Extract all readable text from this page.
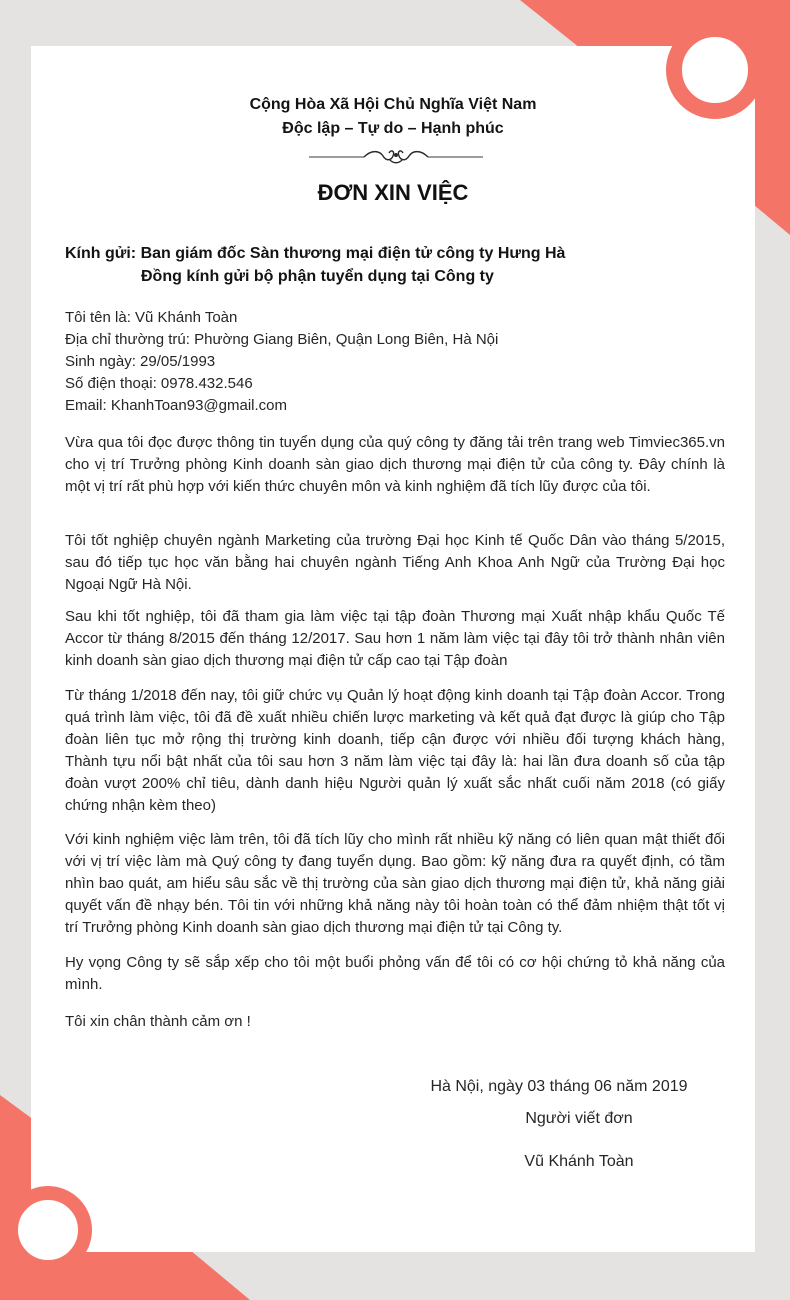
Cộng Hòa Xã Hội Chủ Nghĩa Việt Nam
Độc lập – Tự do – Hạnh phúc
ĐƠN XIN VIỆC
Kính gửi: Ban giám đốc Sàn thương mại điện tử công ty Hưng Hà
Đồng kính gửi bộ phận tuyển dụng tại Công ty
Tôi tên là: Vũ Khánh Toàn
Địa chỉ thường trú: Phường Giang Biên, Quận Long Biên, Hà Nội
Sinh ngày: 29/05/1993
Số điện thoại: 0978.432.546
Email: KhanhToan93@gmail.com

Vừa qua tôi đọc được thông tin tuyển dụng của quý công ty đăng tải trên trang web Timviec365.vn cho vị trí Trưởng phòng Kinh doanh sàn giao dịch thương mại điện tử của công ty. Đây chính là một vị trí rất phù hợp với kiến thức chuyên môn và kinh nghiệm đã tích lũy được của tôi.

Tôi tốt nghiệp chuyên ngành Marketing của trường Đại học Kinh tế Quốc Dân vào tháng 5/2015, sau đó tiếp tục học văn bằng hai chuyên ngành Tiếng Anh Khoa Anh Ngữ của Trường Đại học Ngoại Ngữ Hà Nội.

Sau khi tốt nghiệp, tôi đã tham gia làm việc tại tập đoàn Thương mại Xuất nhập khẩu Quốc Tế Accor từ tháng 8/2015 đến tháng 12/2017. Sau hơn 1 năm làm việc tại đây tôi trở thành nhân viên kinh doanh sàn giao dịch thương mại điện tử cấp cao tại Tập đoàn

Từ tháng 1/2018 đến nay, tôi giữ chức vụ Quản lý hoạt động kinh doanh tại Tập đoàn Accor. Trong quá trình làm việc, tôi đã đề xuất nhiều chiến lược marketing và kết quả đạt được là giúp cho Tập đoàn liên tục mở rộng thị trường kinh doanh, tiếp cận được với nhiều đối tượng khách hàng, Thành tựu nổi bật nhất của tôi sau hơn 3 năm làm việc tại đây là: hai lần đưa doanh số của tập đoàn vượt 200% chỉ tiêu, dành danh hiệu Người quản lý xuất sắc nhất cuối năm 2018 (có giấy chứng nhận kèm theo)

Với kinh nghiệm việc làm trên, tôi đã tích lũy cho mình rất nhiều kỹ năng có liên quan mật thiết đối với vị trí việc làm mà Quý công ty đang tuyển dụng. Bao gồm: kỹ năng đưa ra quyết định, có tầm nhìn bao quát, am hiểu sâu sắc về thị trường của sàn giao dịch thương mại điện tử, khả năng giải quyết vấn đề nhạy bén. Tôi tin với những khả năng này tôi hoàn toàn có thể đảm nhiệm thật tốt vị trí Trưởng phòng Kinh doanh sàn giao dịch thương mại điện tử tại Công ty.

Hy vọng Công ty sẽ sắp xếp cho tôi một buổi phỏng vấn để tôi có cơ hội chứng tỏ khả năng của mình.

Tôi xin chân thành cảm ơn !

Hà Nội, ngày 03 tháng 06 năm 2019
Người viết đơn
Vũ Khánh Toàn
